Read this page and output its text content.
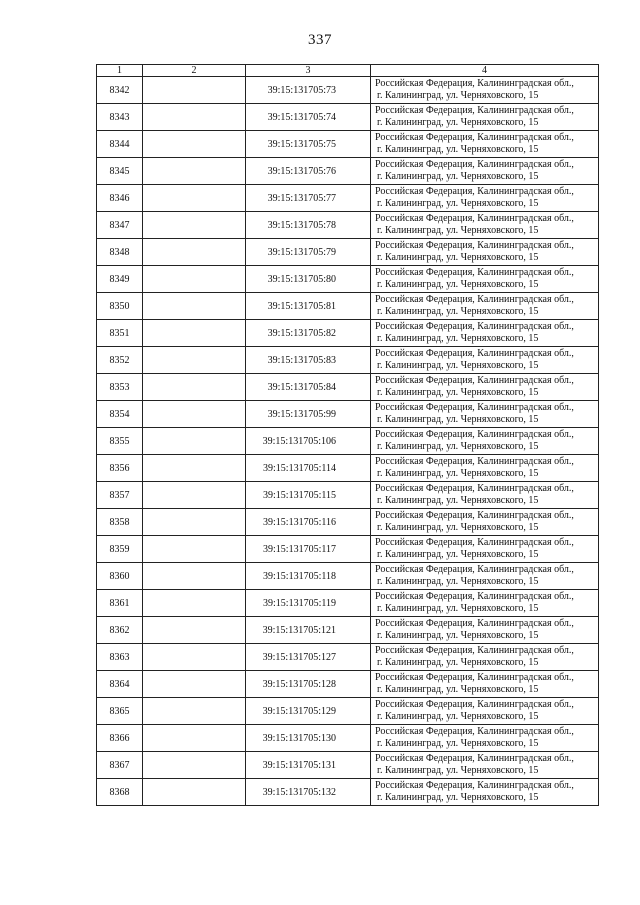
337
1	2	3	4
8342		39:15:131705:73	Российская Федерация, Калининградская обл.,
г. Калининград, ул. Черняховского, 15

8343		39:15:131705:74	Российская Федерация, Калининградская обл.,
г. Калининград, ул. Черняховского, 15

8344		39:15:131705:75	Российская Федерация, Калининградская обл.,
г. Калининград, ул. Черняховского, 15

8345		39:15:131705:76	Российская Федерация, Калининградская обл.,
г. Калининград, ул. Черняховского, 15

8346		39:15:131705:77	Российская Федерация, Калининградская обл.,
г. Калининград, ул. Черняховского, 15

8347		39:15:131705:78	Российская Федерация, Калининградская обл.,
г. Калининград, ул. Черняховского, 15

8348		39:15:131705:79	Российская Федерация, Калининградская обл.,
г. Калининград, ул. Черняховского, 15

8349		39:15:131705:80	Российская Федерация, Калининградская обл.,
г. Калининград, ул. Черняховского, 15

8350		39:15:131705:81	Российская Федерация, Калининградская обл.,
г. Калининград, ул. Черняховского, 15

8351		39:15:131705:82	Российская Федерация, Калининградская обл.,
г. Калининград, ул. Черняховского, 15

8352		39:15:131705:83	Российская Федерация, Калининградская обл.,
г. Калининград, ул. Черняховского, 15

8353		39:15:131705:84	Российская Федерация, Калининградская обл.,
г. Калининград, ул. Черняховского, 15

8354		39:15:131705:99	Российская Федерация, Калининградская обл.,
г. Калининград, ул. Черняховского, 15

8355		39:15:131705:106	Российская Федерация, Калининградская обл.,
г. Калининград, ул. Черняховского, 15

8356		39:15:131705:114	Российская Федерация, Калининградская обл.,
г. Калининград, ул. Черняховского, 15

8357		39:15:131705:115	Российская Федерация, Калининградская обл.,
г. Калининград, ул. Черняховского, 15

8358		39:15:131705:116	Российская Федерация, Калининградская обл.,
г. Калининград, ул. Черняховского, 15

8359		39:15:131705:117	Российская Федерация, Калининградская обл.,
г. Калининград, ул. Черняховского, 15

8360		39:15:131705:118	Российская Федерация, Калининградская обл.,
г. Калининград, ул. Черняховского, 15

8361		39:15:131705:119	Российская Федерация, Калининградская обл.,
г. Калининград, ул. Черняховского, 15

8362		39:15:131705:121	Российская Федерация, Калининградская обл.,
г. Калининград, ул. Черняховского, 15

8363		39:15:131705:127	Российская Федерация, Калининградская обл.,
г. Калининград, ул. Черняховского, 15

8364		39:15:131705:128	Российская Федерация, Калининградская обл.,
г. Калининград, ул. Черняховского, 15

8365		39:15:131705:129	Российская Федерация, Калининградская обл.,
г. Калининград, ул. Черняховского, 15

8366		39:15:131705:130	Российская Федерация, Калининградская обл.,
г. Калининград, ул. Черняховского, 15

8367		39:15:131705:131	Российская Федерация, Калининградская обл.,
г. Калининград, ул. Черняховского, 15

8368		39:15:131705:132	Российская Федерация, Калининградская обл.,
г. Калининград, ул. Черняховского, 15
